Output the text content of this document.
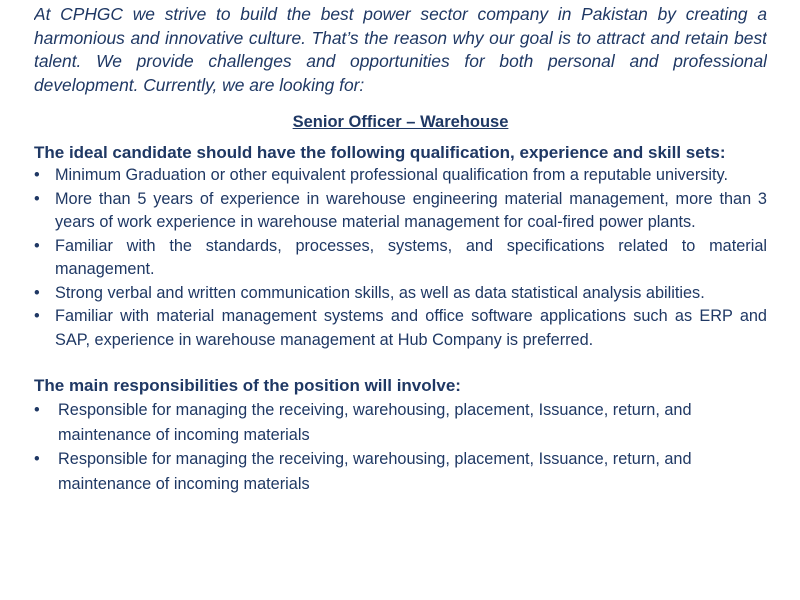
At CPHGC we strive to build the best power sector company in Pakistan by creating a harmonious and innovative culture. That’s the reason why our goal is to attract and retain best talent. We provide challenges and opportunities for both personal and professional development. Currently, we are looking for:

Senior Officer – Warehouse

The ideal candidate should have the following qualification, experience and skill sets:

• Minimum Graduation or other equivalent professional qualification from a reputable university.
• More than 5 years of experience in warehouse engineering material management, more than 3 years of work experience in warehouse material management for coal-fired power plants.
• Familiar with the standards, processes, systems, and specifications related to material management.
• Strong verbal and written communication skills, as well as data statistical analysis abilities.
• Familiar with material management systems and office software applications such as ERP and SAP, experience in warehouse management at Hub Company is preferred.

The main responsibilities of the position will involve:

•	Responsible for managing the receiving, warehousing, placement, Issuance, return, and maintenance of incoming materials
•	Responsible for managing the receiving, warehousing, placement, Issuance, return, and maintenance of incoming materials
